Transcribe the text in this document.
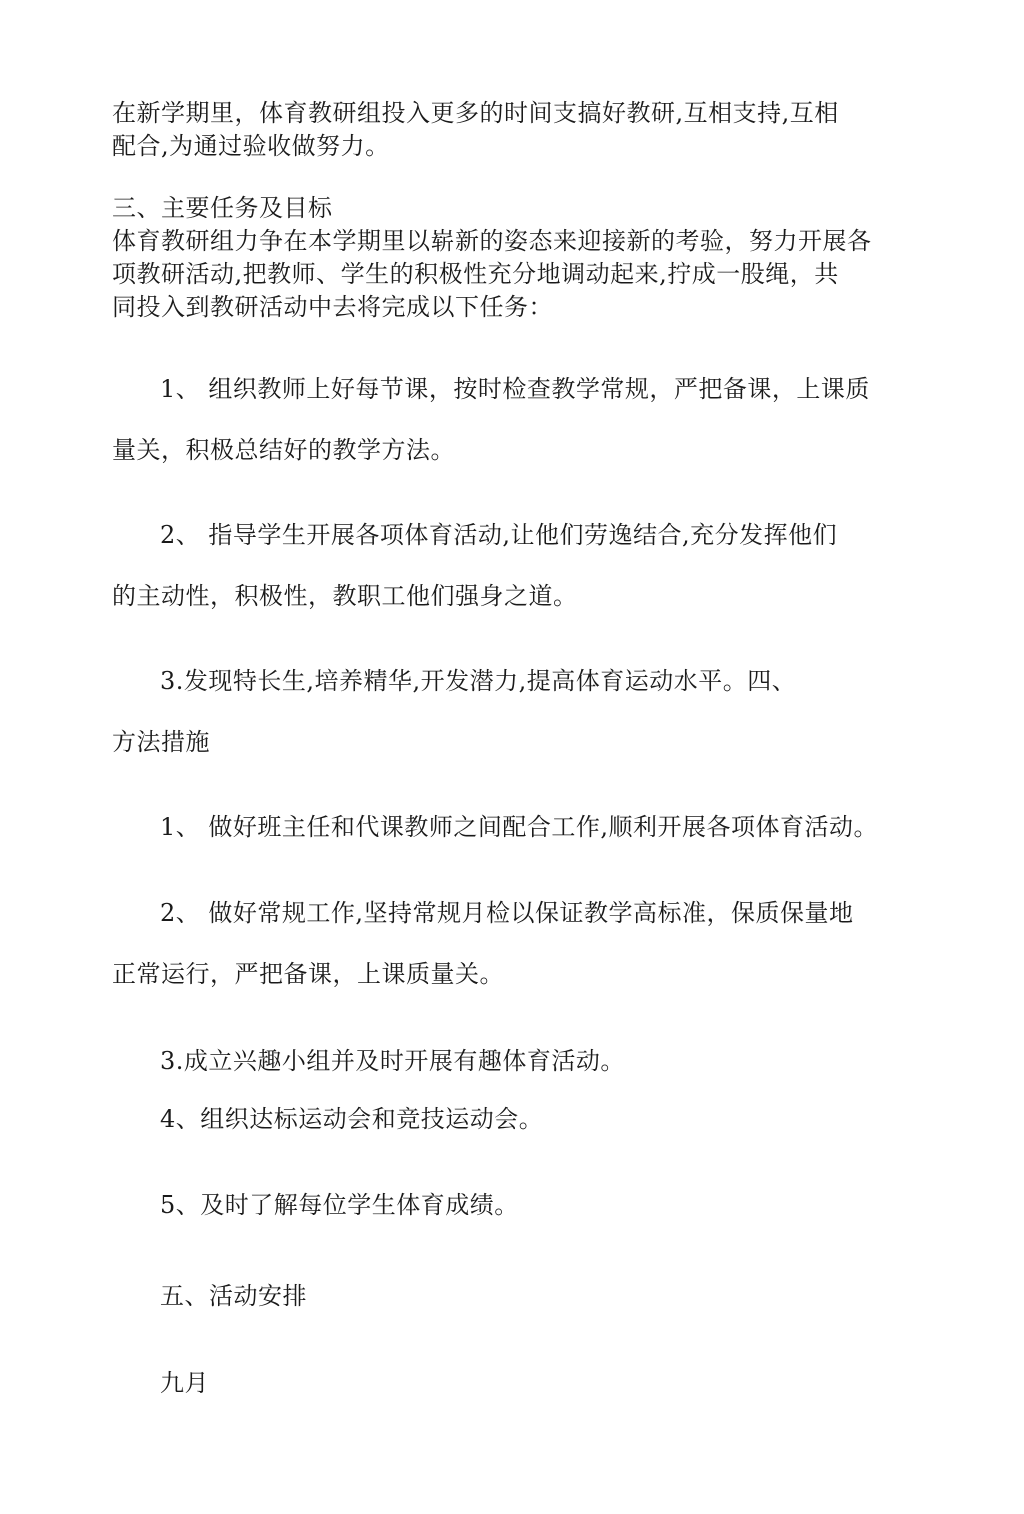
在新学期里，体育教研组投入更多的时间支搞好教研,互相支持,互相
配合,为通过验收做努力。
三、主要任务及目标
体育教研组力争在本学期里以崭新的姿态来迎接新的考验，努力开展各
项教研活动,把教师、学生的积极性充分地调动起来,拧成一股绳，共
同投入到教研活动中去将完成以下任务：
1、 组织教师上好每节课，按时检查教学常规，严把备课，上课质
量关，积极总结好的教学方法。
2、 指导学生开展各项体育活动,让他们劳逸结合,充分发挥他们
的主动性，积极性，教职工他们强身之道。
3.发现特长生,培养精华,开发潜力,提高体育运动水平。四、
方法措施
1、 做好班主任和代课教师之间配合工作,顺利开展各项体育活动。
2、 做好常规工作,坚持常规月检以保证教学高标准，保质保量地
正常运行，严把备课，上课质量关。
3.成立兴趣小组并及时开展有趣体育活动。
4、组织达标运动会和竞技运动会。
5、及时了解每位学生体育成绩。
五、活动安排
九月
